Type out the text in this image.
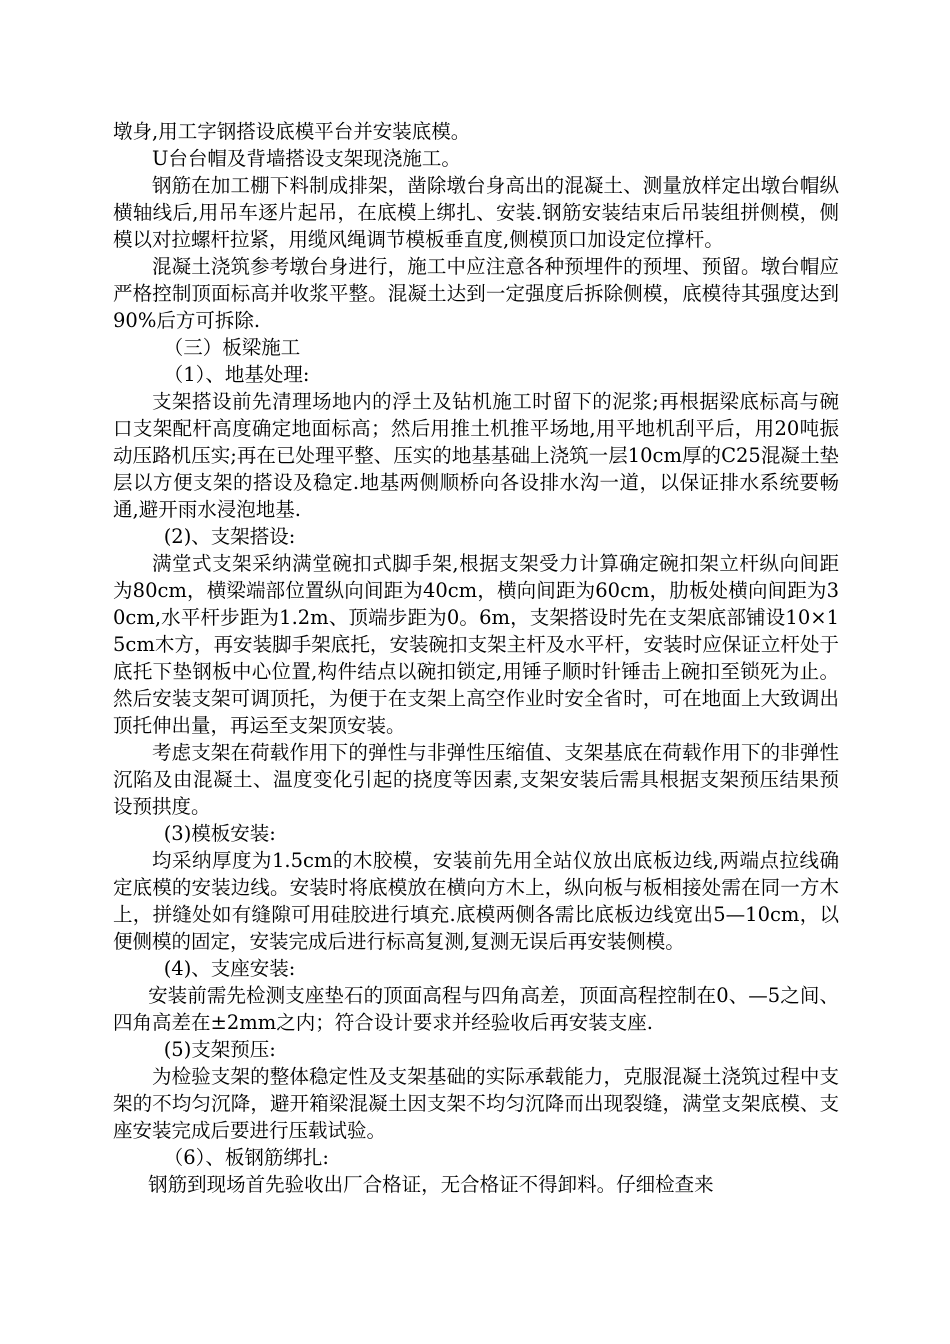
墩身,用工字钢搭设底模平台并安装底模。

U台台帽及背墙搭设支架现浇施工。

钢筋在加工棚下料制成排架，凿除墩台身高出的混凝土、测量放样定出墩台帽纵横轴线后,用吊车逐片起吊，在底模上绑扎、安装.钢筋安装结束后吊装组拼侧模，侧模以对拉螺杆拉紧，用缆风绳调节模板垂直度,侧模顶口加设定位撑杆。

混凝土浇筑参考墩台身进行，施工中应注意各种预埋件的预埋、预留。墩台帽应严格控制顶面标高并收浆平整。混凝土达到一定强度后拆除侧模，底模待其强度达到90%后方可拆除.

（三）板梁施工

（1）、地基处理:

支架搭设前先清理场地内的浮土及钻机施工时留下的泥浆;再根据梁底标高与碗口支架配杆高度确定地面标高；然后用推土机推平场地,用平地机刮平后，用20吨振动压路机压实;再在已处理平整、压实的地基基础上浇筑一层10cm厚的C25混凝土垫层以方便支架的搭设及稳定.地基两侧顺桥向各设排水沟一道，以保证排水系统要畅通,避开雨水浸泡地基.

(2)、支架搭设:

满堂式支架采纳满堂碗扣式脚手架,根据支架受力计算确定碗扣架立杆纵向间距为80cm，横梁端部位置纵向间距为40cm，横向间距为60cm，肋板处横向间距为30cm,水平杆步距为1.2m、顶端步距为0。6m，支架搭设时先在支架底部铺设10×15cm木方，再安装脚手架底托，安装碗扣支架主杆及水平杆，安装时应保证立杆处于底托下垫钢板中心位置,构件结点以碗扣锁定,用锤子顺时针锤击上碗扣至锁死为止。然后安装支架可调顶托，为便于在支架上高空作业时安全省时，可在地面上大致调出顶托伸出量，再运至支架顶安装。

考虑支架在荷载作用下的弹性与非弹性压缩值、支架基底在荷载作用下的非弹性沉陷及由混凝土、温度变化引起的挠度等因素,支架安装后需具根据支架预压结果预设预拱度。

(3)模板安装:

均采纳厚度为1.5cm的木胶模，安装前先用全站仪放出底板边线,两端点拉线确定底模的安装边线。安装时将底模放在横向方木上，纵向板与板相接处需在同一方木上，拼缝处如有缝隙可用硅胶进行填充.底模两侧各需比底板边线宽出5—10cm，以便侧模的固定，安装完成后进行标高复测,复测无误后再安装侧模。

(4)、支座安装:

安装前需先检测支座垫石的顶面高程与四角高差，顶面高程控制在0、—5之间、四角高差在±2mm之内；符合设计要求并经验收后再安装支座.

(5)支架预压:

为检验支架的整体稳定性及支架基础的实际承载能力，克服混凝土浇筑过程中支架的不均匀沉降，避开箱梁混凝土因支架不均匀沉降而出现裂缝，满堂支架底模、支座安装完成后要进行压载试验。

（6）、板钢筋绑扎:

钢筋到现场首先验收出厂合格证，无合格证不得卸料。仔细检查来
